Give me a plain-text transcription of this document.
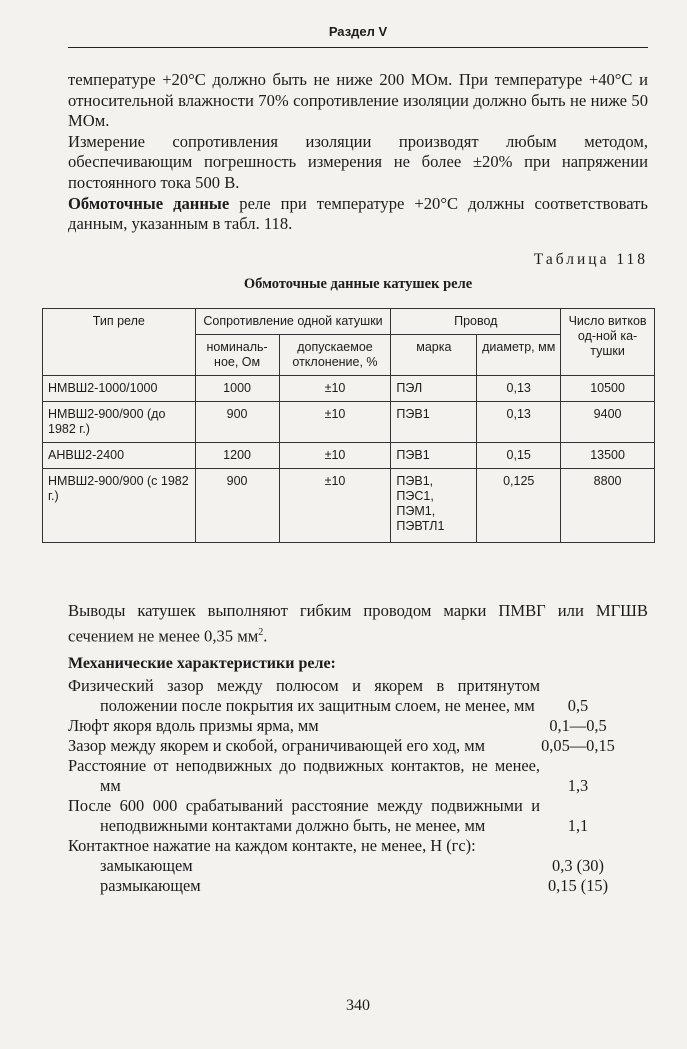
Раздел V

температуре +20°С должно быть не ниже 200 МОм. При температуре +40°С и относительной влажности 70% сопротивление изоляции должно быть не ниже 50 МОм.

Измерение сопротивления изоляции производят любым методом, обеспечивающим погрешность измерения не более ±20% при напряжении постоянного тока 500 В.

Обмоточные данные реле при температуре +20°С должны соответствовать данным, указанным в табл. 118.

Таблица 118
Обмоточные данные катушек реле
Тип реле	Сопротивление одной катушки		Провод		Число витков од-ной ка-тушки
	номиналь-ное, Ом	допускаемое отклонение, %	марка	диаметр, мм	
НМВШ2-1000/1000	1000	±10	ПЭЛ	0,13	10500
НМВШ2-900/900 (до 1982 г.)	900	±10	ПЭВ1	0,13	9400
АНВШ2-2400	1200	±10	ПЭВ1	0,15	13500
НМВШ2-900/900 (с 1982 г.)	900	±10	ПЭВ1, ПЭС1, ПЭМ1, ПЭВТЛ1	0,125	8800
Выводы катушек выполняют гибким проводом марки ПМВГ или МГШВ сечением не менее 0,35 $мм^2$.
Механические характеристики реле:
Физический зазор между полюсом и якорем в притянутом положении после покрытия их защитным слоем, не менее, мм	0,5
Люфт якоря вдоль призмы ярма, мм	0,1—0,5
Зазор между якорем и скобой, ограничивающей его ход, мм	0,05—0,15
Расстояние от неподвижных до подвижных контактов, не менее, мм	1,3
После 600 000 срабатываний расстояние между подвижными и неподвижными контактами должно быть, не менее, мм	1,1
Контактное нажатие на каждом контакте, не менее, Н (гс):
замыкающем	0,3 (30)
размыкающем	0,15 (15)
340
